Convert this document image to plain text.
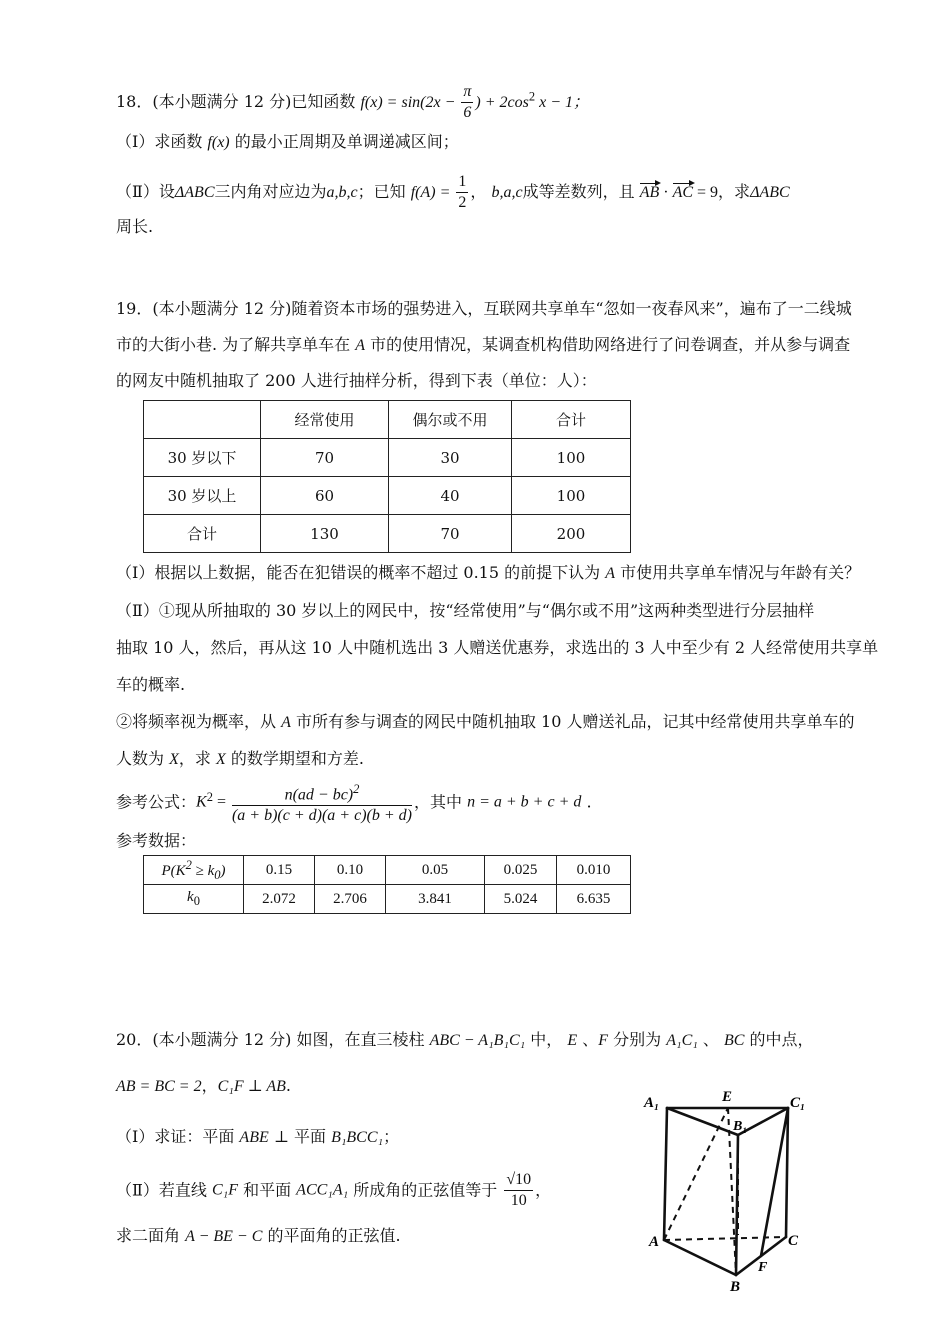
18．(本小题满分 12 分)已知函数 $f(x) = \sin(2x - \frac{\pi}{6}$ ) + $2\cos^2$ x − 1；
（Ⅰ）求函数 f(x) 的最小正周期及单调递减区间；
（Ⅱ）设ΔABC三内角对应边为a,b,c；已知 $f(A) = \frac{1}{2}$ ， b,a,c成等差数列，且 AB · AC = 9，求ΔABC
周长.
19．(本小题满分 12 分)随着资本市场的强势进入，互联网共享单车“忽如一夜春风来”，遍布了一二线城
市的大街小巷. 为了解共享单车在 A 市的使用情况，某调查机构借助网络进行了问卷调查，并从参与调查
的网友中随机抽取了 200 人进行抽样分析，得到下表（单位：人）：
	经常使用	偶尔或不用	合计
30 岁以下	70	30	100
30 岁以上	60	40	100
合计	130	70	200
（Ⅰ）根据以上数据，能否在犯错误的概率不超过 0.15 的前提下认为 A 市使用共享单车情况与年龄有关？
（Ⅱ）①现从所抽取的 30 岁以上的网民中，按“经常使用”与“偶尔或不用”这两种类型进行分层抽样
抽取 10 人，然后，再从这 10 人中随机选出 3 人赠送优惠券，求选出的 3 人中至少有 2 人经常使用共享单
车的概率.
②将频率视为概率，从 A 市所有参与调查的网民中随机抽取 10 人赠送礼品，记其中经常使用共享单车的
人数为 X，求 X 的数学期望和方差.
参考公式：$K^2 = \frac{n(ad - bc)^2}{(a + b)(c + d)(a + c)(b + d)}$ ，其中 n = a + b + c + d .
参考数据：
$P(K^2 \ge k_0)$	0.15	0.10	0.05	0.025	0.010
$k_0$	2.072	2.706	3.841	5.024	6.635
20．(本小题满分 12 分) 如图，在直三棱柱 ABC − A₁B₁C₁ 中， E 、F 分别为 A₁C₁ 、 BC 的中点，
AB = BC = 2，C₁F ⊥ AB.
（Ⅰ）求证：平面 ABE ⊥ 平面 B₁BCC₁；
（Ⅱ）若直线 C₁F 和平面 ACC₁A₁ 所成角的正弦值等于 $\frac{√10}{10}$ ，
求二面角 A − BE − C 的平面角的正弦值.
A₁	E	C₁
B₁
A	C
B
F
